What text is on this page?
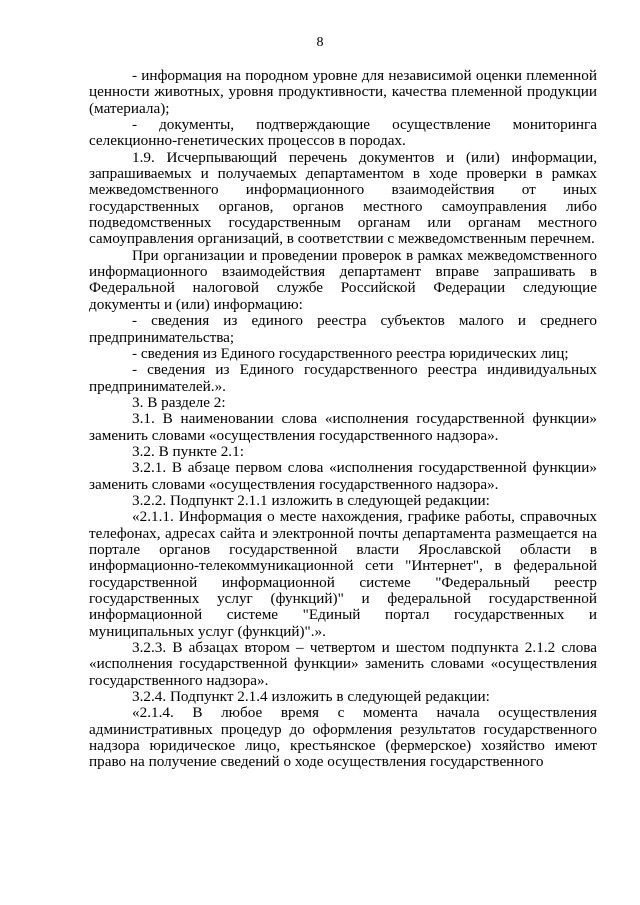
8

- информация на породном уровне для независимой оценки племенной ценности животных, уровня продуктивности, качества племенной продукции (материала);

- документы, подтверждающие осуществление мониторинга селекционно-генетических процессов в породах.

1.9. Исчерпывающий перечень документов и (или) информации, запрашиваемых и получаемых департаментом в ходе проверки в рамках межведомственного информационного взаимодействия от иных государственных органов, органов местного самоуправления либо подведомственных государственным органам или органам местного самоуправления организаций, в соответствии с межведомственным перечнем.

При организации и проведении проверок в рамках межведомственного информационного взаимодействия департамент вправе запрашивать в Федеральной налоговой службе Российской Федерации следующие документы и (или) информацию:

- сведения из единого реестра субъектов малого и среднего предпринимательства;

- сведения из Единого государственного реестра юридических лиц;

- сведения из Единого государственного реестра индивидуальных предпринимателей.».

3. В разделе 2:

3.1. В наименовании слова «исполнения государственной функции» заменить словами «осуществления государственного надзора».

3.2. В пункте 2.1:

3.2.1. В абзаце первом слова «исполнения государственной функции» заменить словами «осуществления государственного надзора».

3.2.2. Подпункт 2.1.1 изложить в следующей редакции:

«2.1.1. Информация о месте нахождения, графике работы, справочных телефонах, адресах сайта и электронной почты департамента размещается на портале органов государственной власти Ярославской области в информационно-телекоммуникационной сети "Интернет", в федеральной государственной информационной системе "Федеральный реестр государственных услуг (функций)" и федеральной государственной информационной системе "Единый портал государственных и муниципальных услуг (функций)".».

3.2.3. В абзацах втором – четвертом и шестом подпункта 2.1.2 слова «исполнения государственной функции» заменить словами «осуществления государственного надзора».

3.2.4. Подпункт 2.1.4 изложить в следующей редакции:

«2.1.4. В любое время с момента начала осуществления административных процедур до оформления результатов государственного надзора юридическое лицо, крестьянское (фермерское) хозяйство имеют право на получение сведений о ходе осуществления государственного
